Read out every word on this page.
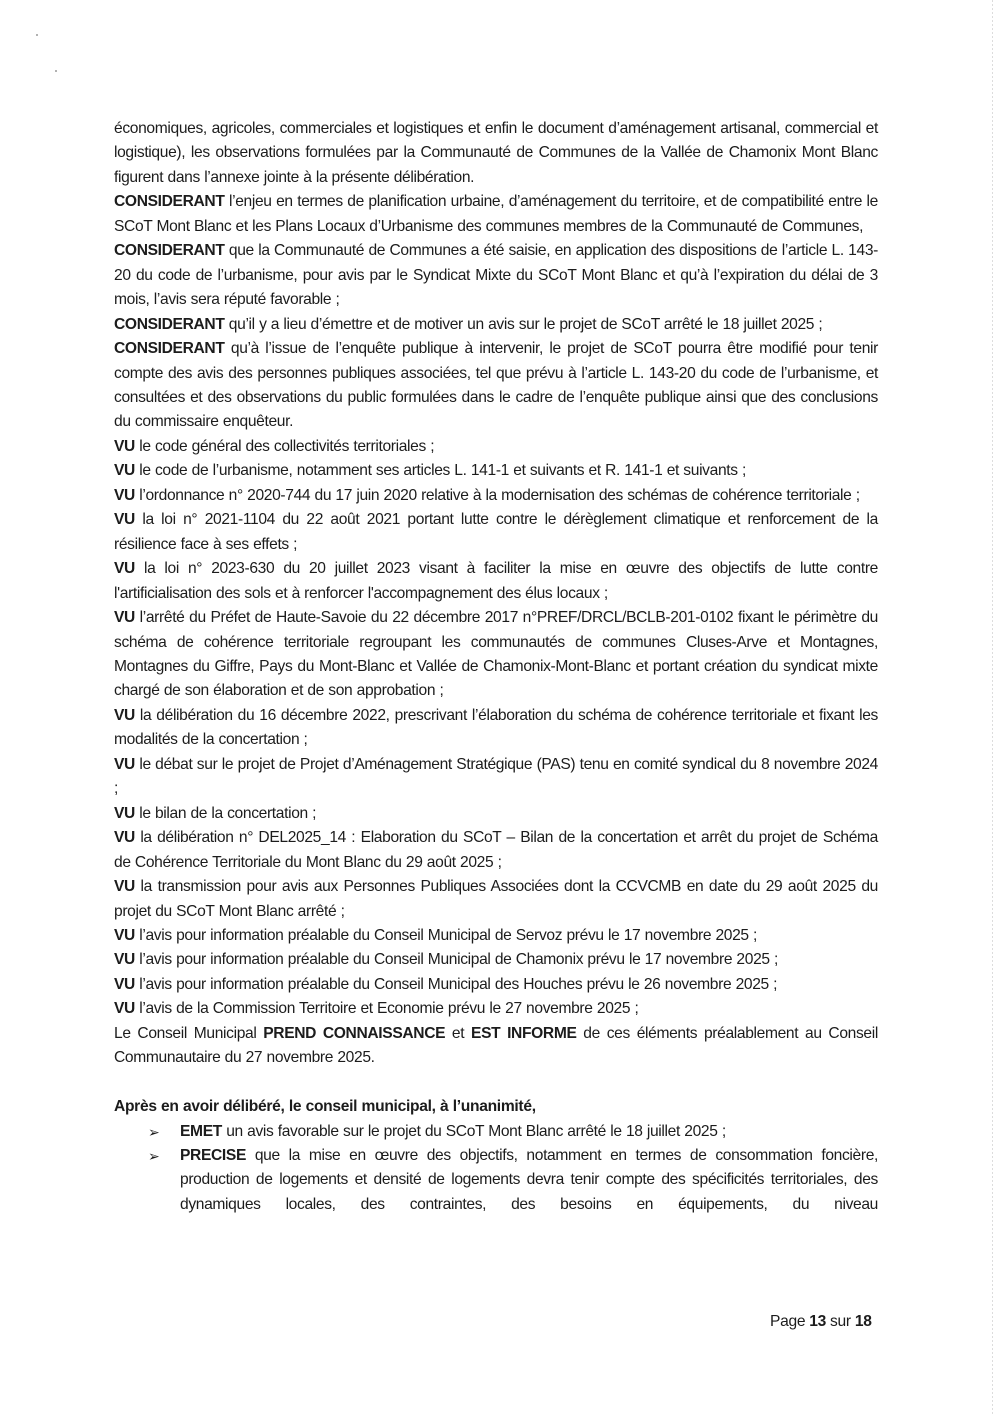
économiques, agricoles, commerciales et logistiques et enfin le document d’aménagement artisanal, commercial et logistique), les observations formulées par la Communauté de Communes de la Vallée de Chamonix Mont Blanc figurent dans l’annexe jointe à la présente délibération.

CONSIDERANT l’enjeu en termes de planification urbaine, d’aménagement du territoire, et de compatibilité entre le SCoT Mont Blanc et les Plans Locaux d’Urbanisme des communes membres de la Communauté de Communes,

CONSIDERANT que la Communauté de Communes a été saisie, en application des dispositions de l’article L. 143-20 du code de l’urbanisme, pour avis par le Syndicat Mixte du SCoT Mont Blanc et qu’à l’expiration du délai de 3 mois, l’avis sera réputé favorable ;

CONSIDERANT qu’il y a lieu d’émettre et de motiver un avis sur le projet de SCoT arrêté le 18 juillet 2025 ;

CONSIDERANT qu’à l’issue de l’enquête publique à intervenir, le projet de SCoT pourra être modifié pour tenir compte des avis des personnes publiques associées, tel que prévu à l’article L. 143-20 du code de l’urbanisme, et consultées et des observations du public formulées dans le cadre de l’enquête publique ainsi que des conclusions du commissaire enquêteur.

VU le code général des collectivités territoriales ;

VU le code de l’urbanisme, notamment ses articles L. 141-1 et suivants et R. 141-1 et suivants ;

VU l’ordonnance n° 2020-744 du 17 juin 2020 relative à la modernisation des schémas de cohérence territoriale ;

VU la loi n° 2021-1104 du 22 août 2021 portant lutte contre le dérèglement climatique et renforcement de la résilience face à ses effets ;

VU la loi n° 2023-630 du 20 juillet 2023 visant à faciliter la mise en œuvre des objectifs de lutte contre l'artificialisation des sols et à renforcer l'accompagnement des élus locaux ;

VU l’arrêté du Préfet de Haute-Savoie du 22 décembre 2017 n°PREF/DRCL/BCLB-201-0102 fixant le périmètre du schéma de cohérence territoriale regroupant les communautés de communes Cluses-Arve et Montagnes, Montagnes du Giffre, Pays du Mont-Blanc et Vallée de Chamonix-Mont-Blanc et portant création du syndicat mixte chargé de son élaboration et de son approbation ;

VU la délibération du 16 décembre 2022, prescrivant l’élaboration du schéma de cohérence territoriale et fixant les modalités de la concertation ;

VU le débat sur le projet de Projet d’Aménagement Stratégique (PAS) tenu en comité syndical du 8 novembre 2024 ;

VU le bilan de la concertation ;

VU la délibération n° DEL2025_14 : Elaboration du SCoT – Bilan de la concertation et arrêt du projet de Schéma de Cohérence Territoriale du Mont Blanc du 29 août 2025 ;

VU la transmission pour avis aux Personnes Publiques Associées dont la CCVCMB en date du 29 août 2025 du projet du SCoT Mont Blanc arrêté ;

VU l’avis pour information préalable du Conseil Municipal de Servoz prévu le 17 novembre 2025 ;

VU l’avis pour information préalable du Conseil Municipal de Chamonix prévu le 17 novembre 2025 ;

VU l’avis pour information préalable du Conseil Municipal des Houches prévu le 26 novembre 2025 ;

VU l’avis de la Commission Territoire et Economie prévu le 27 novembre 2025 ;

Le Conseil Municipal PREND CONNAISSANCE et EST INFORME de ces éléments préalablement au Conseil Communautaire du 27 novembre 2025.

Après en avoir délibéré, le conseil municipal, à l’unanimité,

➢ EMET un avis favorable sur le projet du SCoT Mont Blanc arrêté le 18 juillet 2025 ;
➢ PRECISE que la mise en œuvre des objectifs, notamment en termes de consommation foncière, production de logements et densité de logements devra tenir compte des spécificités territoriales, des dynamiques locales, des contraintes, des besoins en équipements, du niveau
Page 13 sur 18
